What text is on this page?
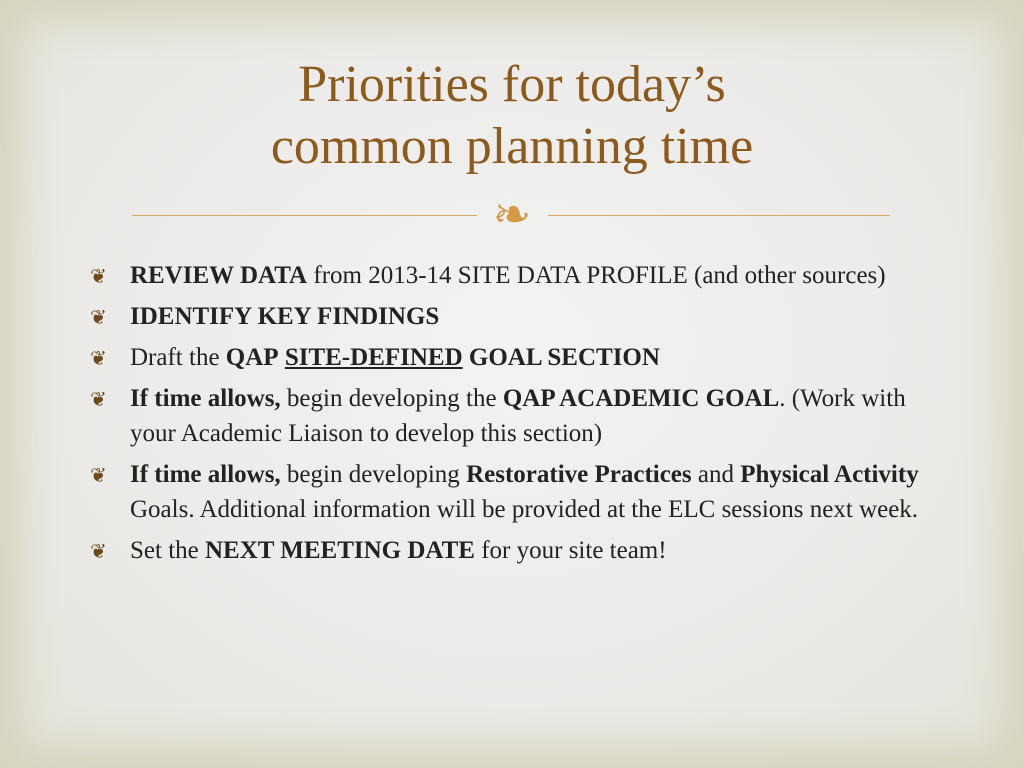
Priorities for today’s
common planning time
❧
❦ REVIEW DATA from 2013-14 SITE DATA PROFILE (and other sources)
❦ IDENTIFY KEY FINDINGS
❦ Draft the QAP SITE-DEFINED GOAL SECTION
❦ If time allows, begin developing the QAP ACADEMIC GOAL. (Work with your Academic Liaison to develop this section)
❦ If time allows, begin developing Restorative Practices and Physical Activity Goals. Additional information will be provided at the ELC sessions next week.
❦ Set the NEXT MEETING DATE for your site team!
